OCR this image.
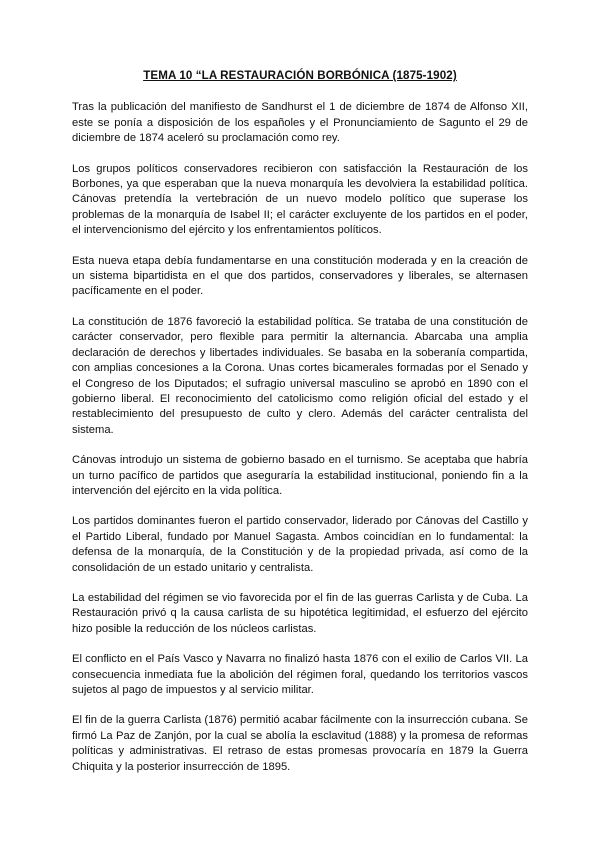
TEMA 10 “LA RESTAURACIÓN BORBÓNICA (1875-1902)

Tras la publicación del manifiesto de Sandhurst el 1 de diciembre de 1874 de Alfonso XII, este se ponía a disposición de los españoles y el Pronunciamiento de Sagunto el 29 de diciembre de 1874 aceleró su proclamación como rey.

Los grupos políticos conservadores recibieron con satisfacción la Restauración de los Borbones, ya que esperaban que la nueva monarquía les devolviera la estabilidad política. Cánovas pretendía la vertebración de un nuevo modelo político que superase los problemas de la monarquía de Isabel II; el carácter excluyente de los partidos en el poder, el intervencionismo del ejército y los enfrentamientos políticos.

Esta nueva etapa debía fundamentarse en una constitución moderada y en la creación de un sistema bipartidista en el que dos partidos, conservadores y liberales, se alternasen pacíficamente en el poder.

La constitución de 1876 favoreció la estabilidad política. Se trataba de una constitución de carácter conservador, pero flexible para permitir la alternancia. Abarcaba una amplia declaración de derechos y libertades individuales. Se basaba en la soberanía compartida, con amplias concesiones a la Corona. Unas cortes bicamerales formadas por el Senado y el Congreso de los Diputados; el sufragio universal masculino se aprobó en 1890 con el gobierno liberal. El reconocimiento del catolicismo como religión oficial del estado y el restablecimiento del presupuesto de culto y clero. Además del carácter centralista del sistema.

Cánovas introdujo un sistema de gobierno basado en el turnismo. Se aceptaba que habría un turno pacífico de partidos que aseguraría la estabilidad institucional, poniendo fin a la intervención del ejército en la vida política.

Los partidos dominantes fueron el partido conservador, liderado por Cánovas del Castillo y el Partido Liberal, fundado por Manuel Sagasta. Ambos coincidían en lo fundamental: la defensa de la monarquía, de la Constitución y de la propiedad privada, así como de la consolidación de un estado unitario y centralista.

La estabilidad del régimen se vio favorecida por el fin de las guerras Carlista y de Cuba. La Restauración privó q la causa carlista de su hipotética legitimidad, el esfuerzo del ejército hizo posible la reducción de los núcleos carlistas.

El conflicto en el País Vasco y Navarra no finalizó hasta 1876 con el exilio de Carlos VII. La consecuencia inmediata fue la abolición del régimen foral, quedando los territorios vascos sujetos al pago de impuestos y al servicio militar.

El fin de la guerra Carlista (1876) permitió acabar fácilmente con la insurrección cubana. Se firmó La Paz de Zanjón, por la cual se abolía la esclavitud (1888) y la promesa de reformas políticas y administrativas. El retraso de estas promesas provocaría en 1879 la Guerra Chiquita y la posterior insurrección de 1895.
